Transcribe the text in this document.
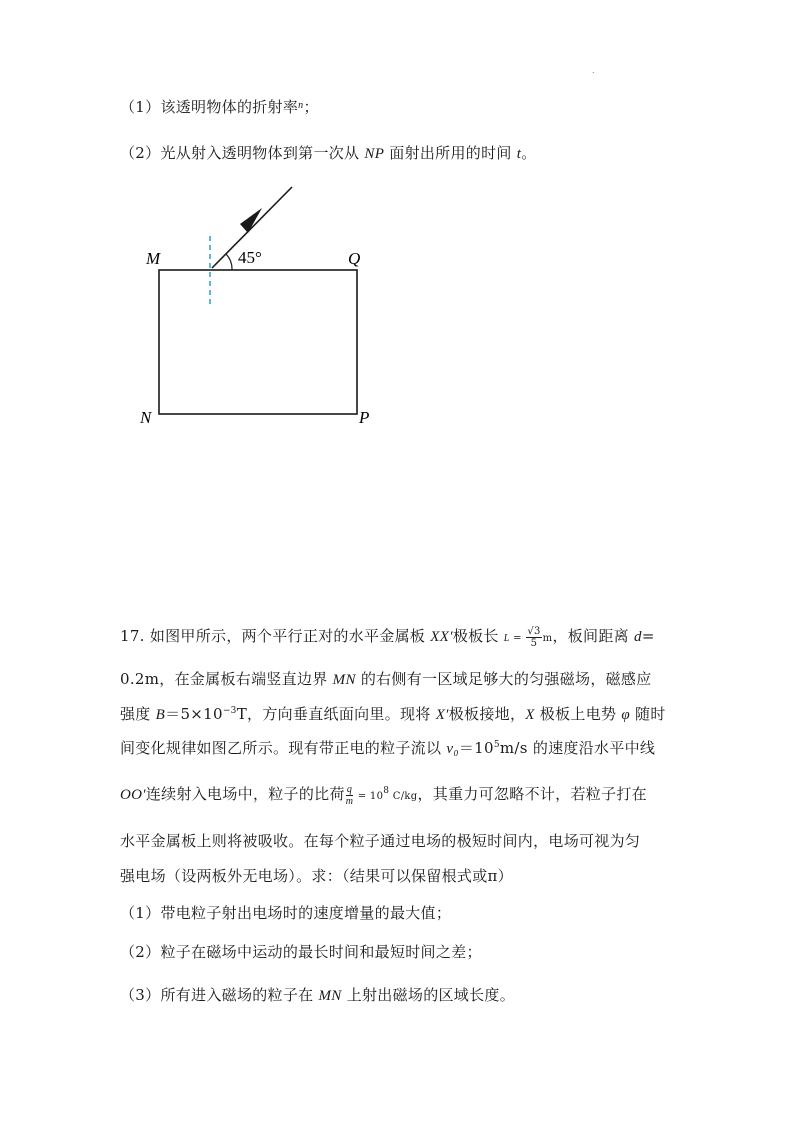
.
（1）该透明物体的折射率$^n$；
（2）光从射入透明物体到第一次从 NP 面射出所用的时间 t。
45°
M	Q
N	P
17. 如图甲所示，两个平行正对的水平金属板 XX′极板长 $L = \frac{√3}{5}$ m，板间距离 d=
0.2m，在金属板右端竖直边界 MN 的右侧有一区域足够大的匀强磁场，磁感应
强度 $B=5\times 10^{-3}T$，方向垂直纸面向里。现将 X′极板接地，X 极板上电势 φ 随时
间变化规律如图乙所示。现有带正电的粒子流以 $v_0=10^5m/s$ 的速度沿水平中线
OO′连续射入电场中，粒子的比荷 $\frac{q}{m} = 10^8$ C/kg，其重力可忽略不计，若粒子打在
水平金属板上则将被吸收。在每个粒子通过电场的极短时间内，电场可视为匀
强电场（设两板外无电场）。求：（结果可以保留根式或π）
（1）带电粒子射出电场时的速度增量的最大值；
（2）粒子在磁场中运动的最长时间和最短时间之差；
（3）所有进入磁场的粒子在 MN 上射出磁场的区域长度。
